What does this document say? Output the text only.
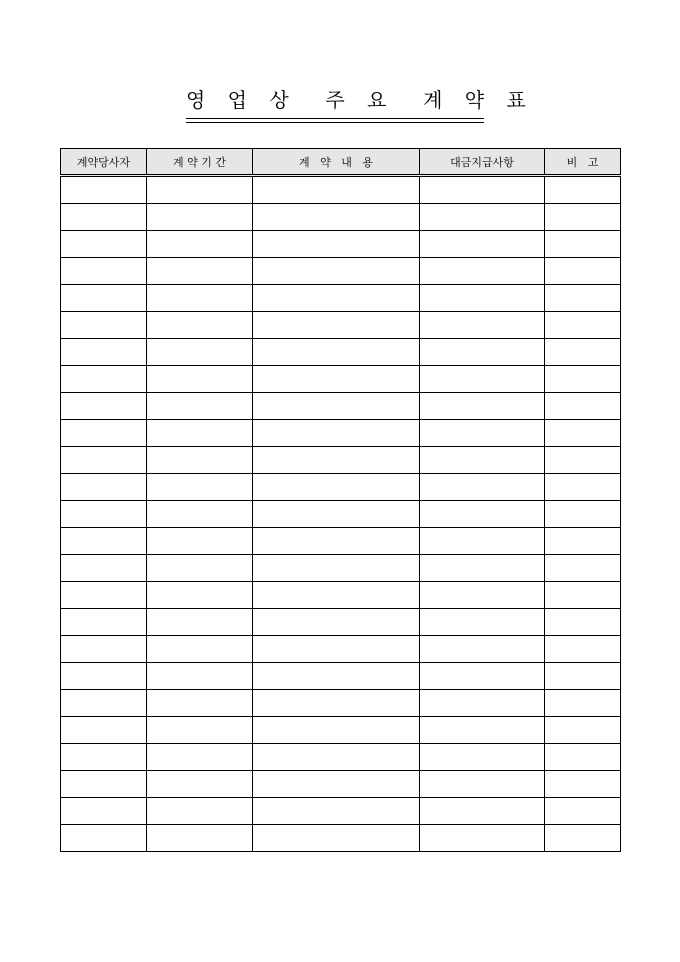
영 업 상  주 요  계 약 표
계약당사자	계 약 기 간	계   약   내   용	대금지급사항	비   고
